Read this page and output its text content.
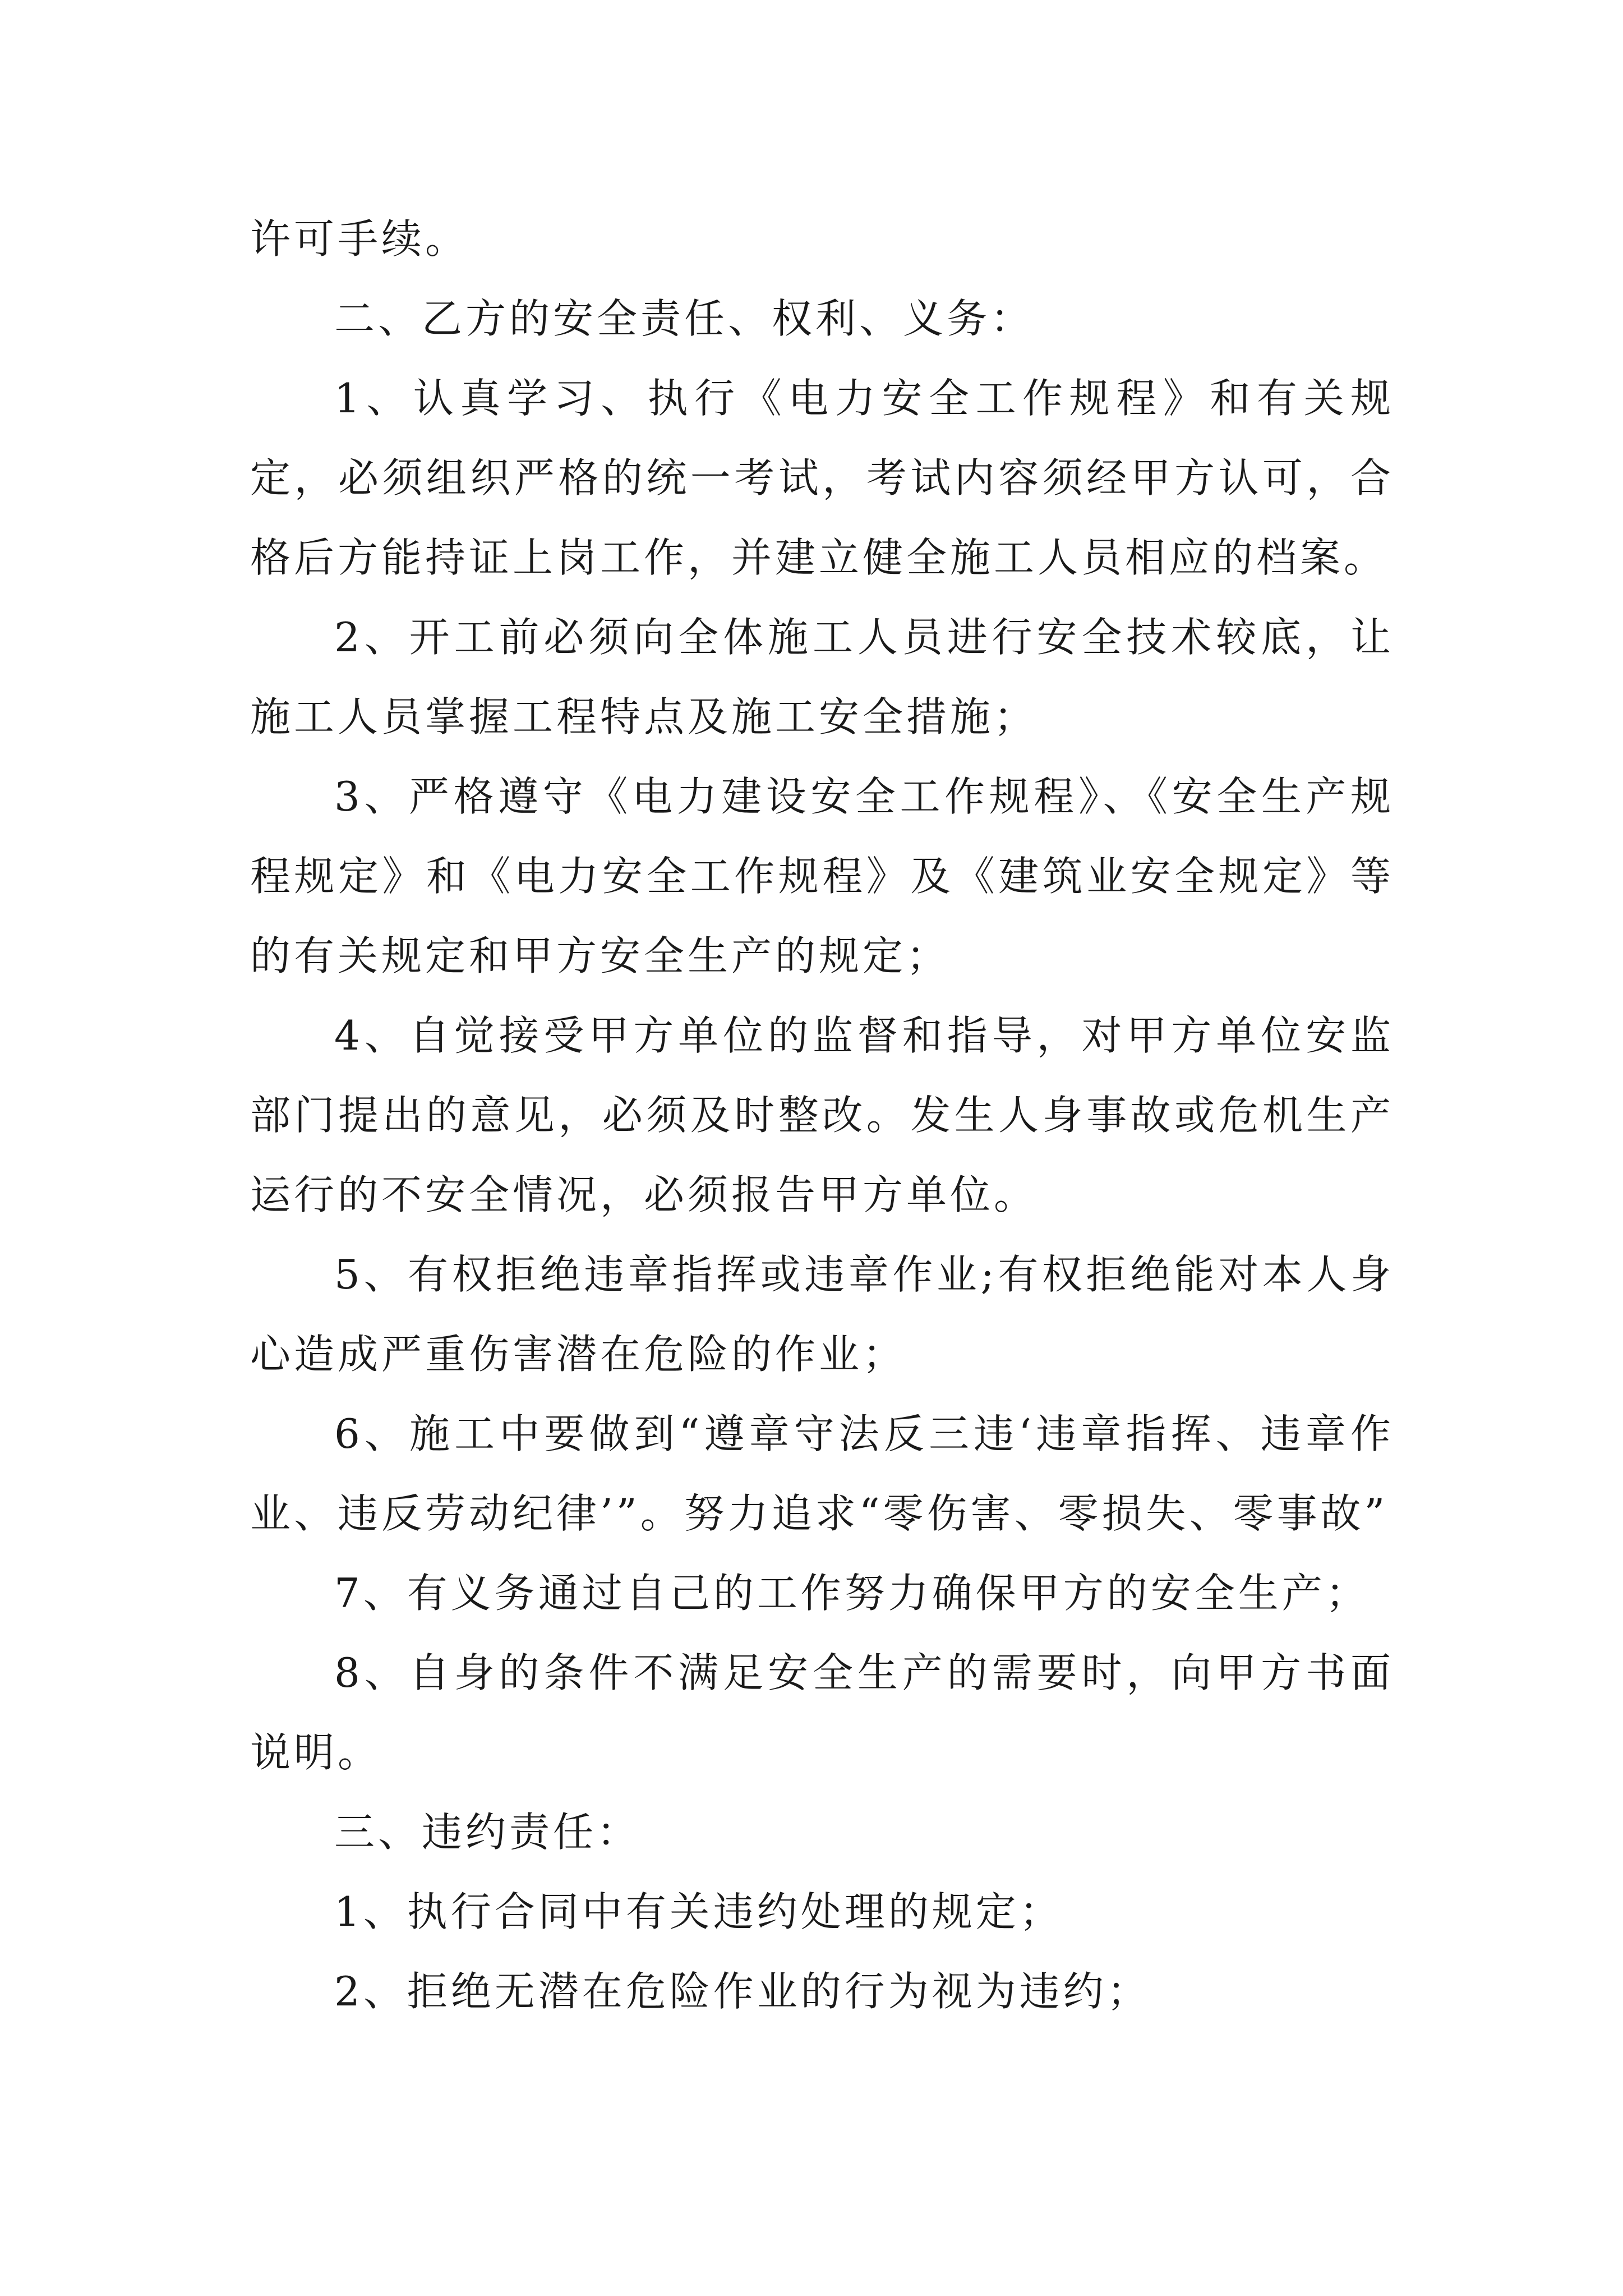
许可手续。

二、乙方的安全责任、权利、义务：

1、认真学习、执行《电力安全工作规程》和有关规定，必须组织严格的统一考试，考试内容须经甲方认可，合格后方能持证上岗工作，并建立健全施工人员相应的档案。

2、开工前必须向全体施工人员进行安全技术较底，让施工人员掌握工程特点及施工安全措施；

3、严格遵守《电力建设安全工作规程》、《安全生产规程规定》和《电力安全工作规程》及《建筑业安全规定》等的有关规定和甲方安全生产的规定；

4、自觉接受甲方单位的监督和指导，对甲方单位安监部门提出的意见，必须及时整改。发生人身事故或危机生产运行的不安全情况，必须报告甲方单位。

5、有权拒绝违章指挥或违章作业;有权拒绝能对本人身心造成严重伤害潜在危险的作业；

6、施工中要做到“遵章守法反三违‘违章指挥、违章作业、违反劳动纪律’”。努力追求“零伤害、零损失、零事故”

7、有义务通过自己的工作努力确保甲方的安全生产；

8、自身的条件不满足安全生产的需要时，向甲方书面说明。

三、违约责任：

1、执行合同中有关违约处理的规定；

2、拒绝无潜在危险作业的行为视为违约；
